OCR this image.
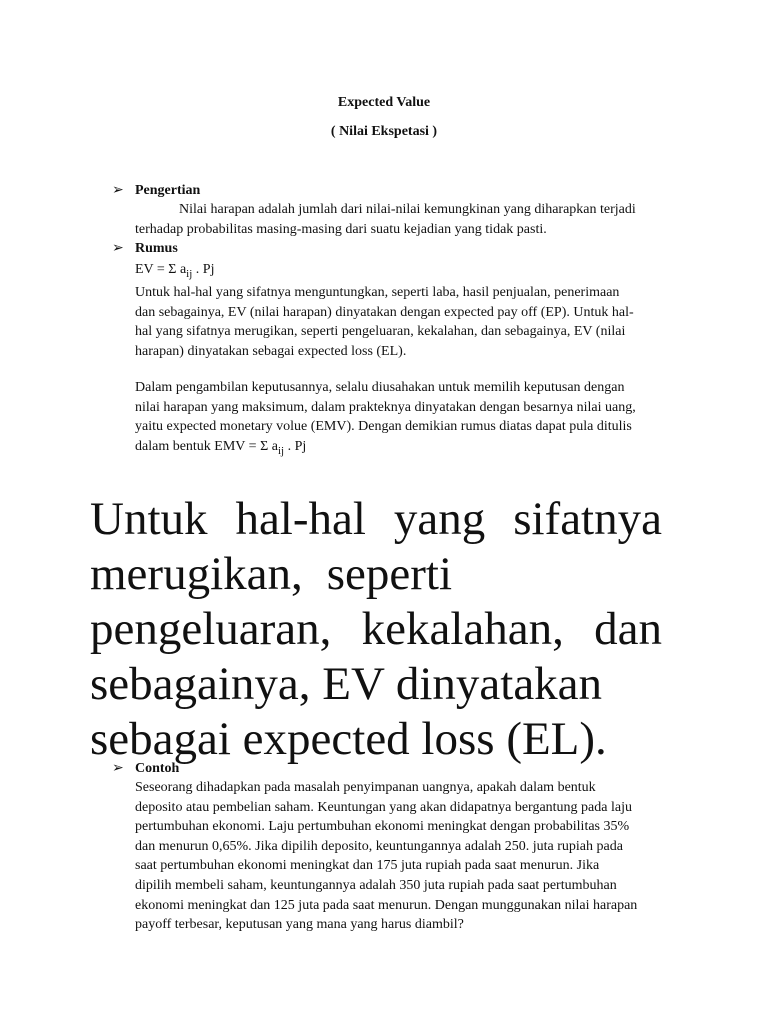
Expected Value
( Nilai Ekspetasi )
➢ Pengertian
Nilai harapan adalah jumlah dari nilai-nilai kemungkinan yang diharapkan terjadi
terhadap probabilitas masing-masing dari suatu kejadian yang tidak pasti.
➢ Rumus
EV = Σ $a_{ij}$ . Pj
Untuk hal-hal yang sifatnya menguntungkan, seperti laba, hasil penjualan, penerimaan
dan sebagainya, EV (nilai harapan) dinyatakan dengan expected pay off (EP). Untuk hal-
hal yang sifatnya merugikan, seperti pengeluaran, kekalahan, dan sebagainya, EV (nilai
harapan) dinyatakan sebagai expected loss (EL).
Dalam pengambilan keputusannya, selalu diusahakan untuk memilih keputusan dengan
nilai harapan yang maksimum, dalam prakteknya dinyatakan dengan besarnya nilai uang,
yaitu expected monetary volue (EMV). Dengan demikian rumus diatas dapat pula ditulis
dalam bentuk EMV = Σ $a_{ij}$ . Pj
Untuk hal-hal yang sifatnya
merugikan, seperti
pengeluaran, kekalahan, dan
sebagainya, EV dinyatakan
sebagai expected loss (EL).
➢ Contoh
Seseorang dihadapkan pada masalah penyimpanan uangnya, apakah dalam bentuk
deposito atau pembelian saham. Keuntungan yang akan didapatnya bergantung pada laju
pertumbuhan ekonomi. Laju pertumbuhan ekonomi meningkat dengan probabilitas 35%
dan menurun 0,65%. Jika dipilih deposito, keuntungannya adalah 250. juta rupiah pada
saat pertumbuhan ekonomi meningkat dan 175 juta rupiah pada saat menurun. Jika
dipilih membeli saham, keuntungannya adalah 350 juta rupiah pada saat pertumbuhan
ekonomi meningkat dan 125 juta pada saat menurun. Dengan munggunakan nilai harapan
payoff terbesar, keputusan yang mana yang harus diambil?
